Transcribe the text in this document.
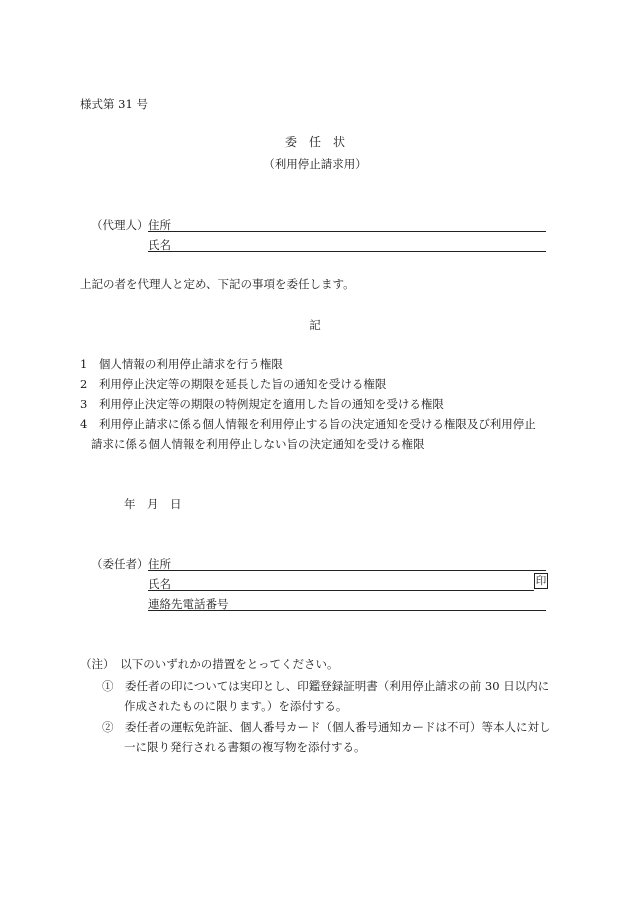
様式第 31 号
委　任　状
（利用停止請求用）
（代理人） 住所
氏名
上記の者を代理人と定め、下記の事項を委任します。
記
1　個人情報の利用停止請求を行う権限
2　利用停止決定等の期限を延長した旨の通知を受ける権限
3　利用停止決定等の期限の特例規定を適用した旨の通知を受ける権限
4　利用停止請求に係る個人情報を利用停止する旨の決定通知を受ける権限及び利用停止
請求に係る個人情報を利用停止しない旨の決定通知を受ける権限
年　月　日
（委任者） 住所
氏名	印
連絡先電話番号
（注）　以下のいずれかの措置をとってください。
①　委任者の印については実印とし、印鑑登録証明書（利用停止請求の前 30 日以内に
作成されたものに限ります。）を添付する。
②　委任者の運転免許証、個人番号カード（個人番号通知カードは不可）等本人に対し
一に限り発行される書類の複写物を添付する。
